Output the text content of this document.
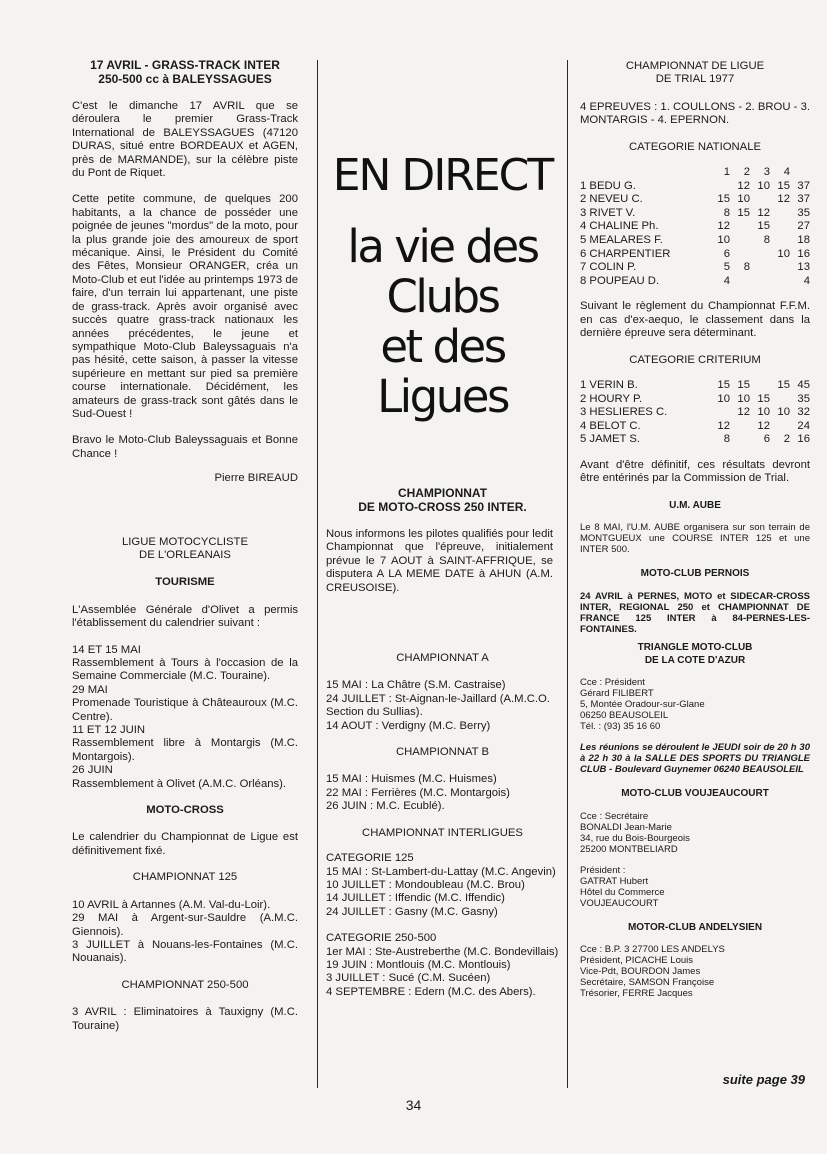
17 AVRIL - GRASS-TRACK INTER
250-500 cc à BALEYSSAGUES

C'est le dimanche 17 AVRIL que se déroulera le premier Grass-Track International de BALEYSSAGUES (47120 DURAS, situé entre BORDEAUX et AGEN, près de MARMANDE), sur la célèbre piste du Pont de Riquet.

Cette petite commune, de quelques 200 habitants, a la chance de posséder une poignée de jeunes "mordus" de la moto, pour la plus grande joie des amoureux de sport mécanique. Ainsi, le Président du Comité des Fêtes, Monsieur ORANGER, créa un Moto-Club et eut l'idée au printemps 1973 de faire, d'un terrain lui appartenant, une piste de grass-track. Après avoir organisé avec succès quatre grass-track nationaux les années précédentes, le jeune et sympathique Moto-Club Baleyssaguais n'a pas hésité, cette saison, à passer la vitesse supérieure en mettant sur pied sa première course internationale. Décidément, les amateurs de grass-track sont gâtés dans le Sud-Ouest !

Bravo le Moto-Club Baleyssaguais et Bonne Chance !

Pierre BIREAUD
LIGUE MOTOCYCLISTE
DE L'ORLEANAIS
TOURISME

L'Assemblée Générale d'Olivet a permis l'établissement du calendrier suivant :

14 ET 15 MAI
Rassemblement à Tours à l'occasion de la Semaine Commerciale (M.C. Touraine).
29 MAI
Promenade Touristique à Châteauroux (M.C. Centre).
11 ET 12 JUIN
Rassemblement libre à Montargis (M.C. Montargois).
26 JUIN
Rassemblement à Olivet (A.M.C. Orléans).

MOTO-CROSS

Le calendrier du Championnat de Ligue est définitivement fixé.

CHAMPIONNAT 125

10 AVRIL à Artannes (A.M. Val-du-Loir).
29 MAI à Argent-sur-Sauldre (A.M.C. Giennois).
3 JUILLET à Nouans-les-Fontaines (M.C. Nouanais).

CHAMPIONNAT 250-500

3 AVRIL : Eliminatoires à Tauxigny (M.C. Touraine)

EN DIRECT
la vie des
Clubs
et des Ligues
CHAMPIONNAT
DE MOTO-CROSS 250 INTER.

Nous informons les pilotes qualifiés pour ledit Championnat que l'épreuve, initialement prévue le 7 AOUT à SAINT-AFFRIQUE, se disputera A LA MEME DATE à AHUN (A.M. CREUSOISE).

CHAMPIONNAT A

15 MAI : La Châtre (S.M. Castraise)
24 JUILLET : St-Aignan-le-Jaillard (A.M.C.O. Section du Sullias).
14 AOUT : Verdigny (M.C. Berry)

CHAMPIONNAT B

15 MAI : Huismes (M.C. Huismes)
22 MAI : Ferrières (M.C. Montargois)
26 JUIN : M.C. Ecublé).

CHAMPIONNAT INTERLIGUES

CATEGORIE 125
15 MAI : St-Lambert-du-Lattay (M.C. Angevin)
10 JUILLET : Mondoubleau (M.C. Brou)
14 JUILLET : Iffendic (M.C. Iffendic)
24 JUILLET : Gasny (M.C. Gasny)

CATEGORIE 250-500
1er MAI : Ste-Austreberthe (M.C. Bondevillais)
19 JUIN : Montlouis (M.C. Montlouis)
3 JUILLET : Sucé (C.M. Sucéen)
4 SEPTEMBRE : Edern (M.C. des Abers).

CHAMPIONNAT DE LIGUE
DE TRIAL 1977

4 EPREUVES : 1. COULLONS - 2. BROU - 3. MONTARGIS - 4. EPERNON.

CATEGORIE NATIONALE
	1	2	3	4	
1 BEDU G.		12	10	15	37
2 NEVEU C.	15	10		12	37
3 RIVET V.	8	15	12		35
4 CHALINE Ph.	12		15		27
5 MEALARES F.	10		8		18
6 CHARPENTIER	6			10	16
7 COLIN P.	5	8			13
8 POUPEAU D.	4				4

Suivant le règlement du Championnat F.F.M. en cas d'ex-aequo, le classement dans la dernière épreuve sera déterminant.

CATEGORIE CRITERIUM
1 VERIN B.	15	15		15	45
2 HOURY P.	10	10	15		35
3 HESLIERES C.		12	10	10	32
4 BELOT C.	12		12		24
5 JAMET S.	8		6	2	16

Avant d'être définitif, ces résultats devront être entérinés par la Commission de Trial.

U.M. AUBE
Le 8 MAI, l'U.M. AUBE organisera sur son terrain de MONTGUEUX une COURSE INTER 125 et une INTER 500.
MOTO-CLUB PERNOIS
24 AVRIL à PERNES, MOTO et SIDECAR-CROSS INTER, REGIONAL 250 et CHAMPIONNAT DE FRANCE 125 INTER à 84-PERNES-LES-FONTAINES.
TRIANGLE MOTO-CLUB
DE LA COTE D'AZUR
Cce : Président
Gérard FILIBERT
5, Montée Oradour-sur-Glane
06250 BEAUSOLEIL
Tél. : (93) 35 16 60
Les réunions se déroulent le JEUDI soir de 20 h 30 à 22 h 30 à la SALLE DES SPORTS DU TRIANGLE CLUB - Boulevard Guynemer 06240 BEAUSOLEIL
MOTO-CLUB VOUJEAUCOURT
Cce : Secrétaire
BONALDI Jean-Marie
34, rue du Bois-Bourgeois
25200 MONTBELIARD
Président :
GATRAT Hubert
Hôtel du Commerce
VOUJEAUCOURT
MOTOR-CLUB ANDELYSIEN
Cce : B.P. 3 27700 LES ANDELYS
Président, PICACHE Louis
Vice-Pdt, BOURDON James
Secrétaire, SAMSON Françoise
Trésorier, FERRE Jacques
suite page 39
34
